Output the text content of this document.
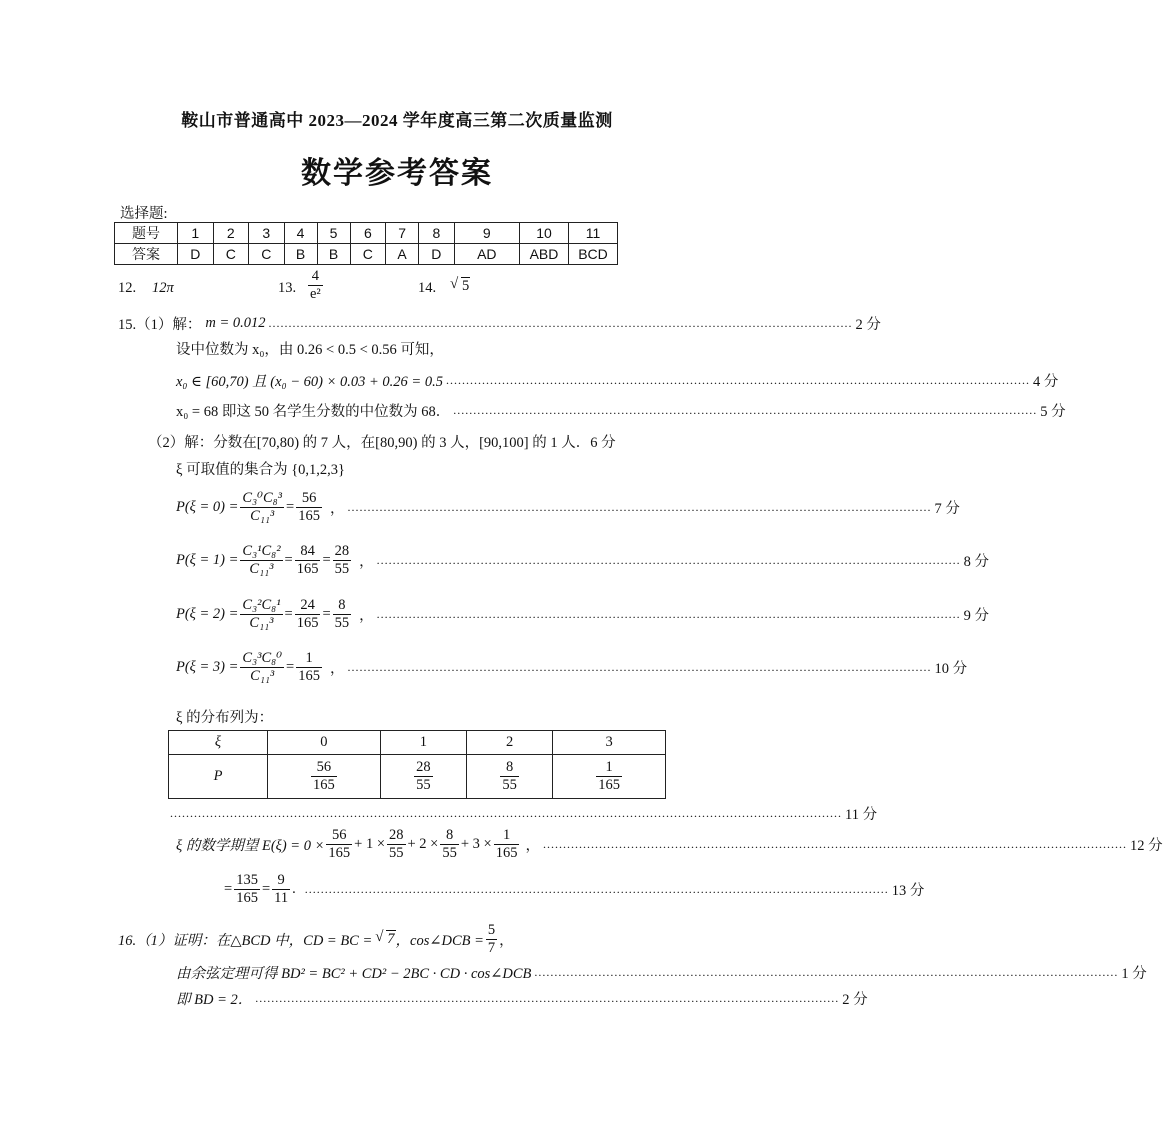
鞍山市普通高中 2023—2024 学年度高三第二次质量监测
数学参考答案
选择题:
题号	1	2	3	4	5	6	7	8	9	10	11
答案	D	C	C	B	B	C	A	D	AD	ABD	BCD
12. 12π	13. $\frac{4}{\text{e²}}$	14.	√ 5
15.（1）解： m = 0.012 .................................................................................................................................................. 2 分
设中位数为 x₀，由 0.26 < 0.5 < 0.56 可知，
x₀ ∈ [60,70) 且 (x₀ − 60) × 0.03 + 0.26 = 0.5 .................................................................................................................................................. 4 分
x₀ = 68 即这 50 名学生分数的中位数为 68． .................................................................................................................................................. 5 分
（2）解：分数在[70,80) 的 7 人，在[80,90) 的 3 人，[90,100] 的 1 人．6 分
ξ 可取值的集合为 {0,1,2,3}
$P(\xi = 0) = \frac{\text{C₃⁰C₈³}}{\text{C₁₁³}} = \frac{56}{165}$ ， .................................................................................................................................................. 7 分
$P(\xi = 1) = \frac{\text{C₃¹C₈²}}{\text{C₁₁³}} = \frac{84}{165} = \frac{28}{55}$ ， .................................................................................................................................................. 8 分
$P(\xi = 2) = \frac{\text{C₃²C₈¹}}{\text{C₁₁³}} = \frac{24}{165} = \frac{8}{55}$ ， .................................................................................................................................................. 9 分
$P(\xi = 3) = \frac{\text{C₃³C₈⁰}}{\text{C₁₁³}} = \frac{1}{165}$ ， .................................................................................................................................................. 10 分
ξ 的分布列为：
ξ	0	1	2	3
P	$\frac{56}{165}$	$\frac{28}{55}$	$\frac{8}{55}$	$\frac{1}{165}$
........................................................................................................................................................................ 11 分
ξ 的数学期望 $E(\xi) = 0 \times \frac{56}{165} + 1 \times \frac{28}{55} + 2 \times \frac{8}{55} + 3 \times \frac{1}{165}$ ， .................................................................................................................................................. 12 分
= $\frac{135}{165} = \frac{9}{11}$ . .................................................................................................................................................. 13 分
16.（1）证明：在△BCD 中，CD = BC =	√ 7 ，cos∠DCB = $\frac{5}{7}$ ，
由余弦定理可得 BD² = BC² + CD² − 2BC · CD · cos∠DCB .................................................................................................................................................. 1 分
即 BD = 2． .................................................................................................................................................. 2 分
